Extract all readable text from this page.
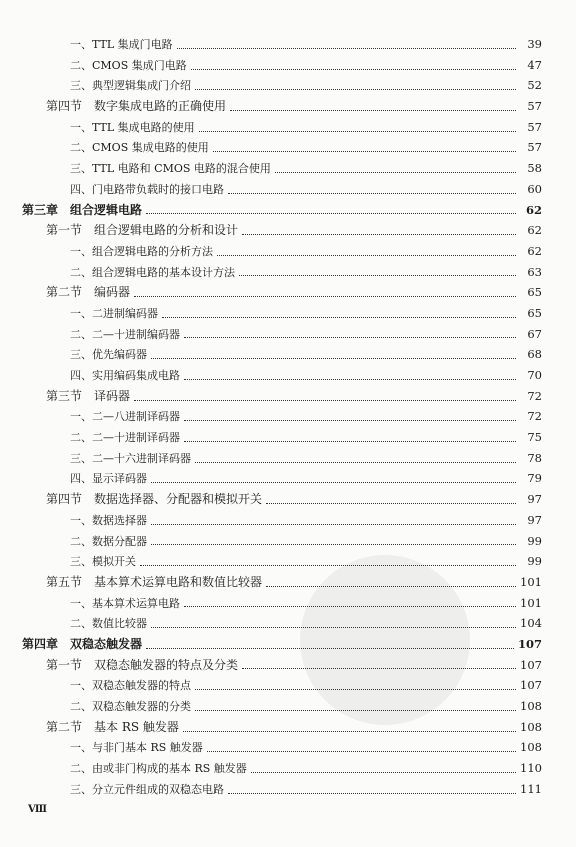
一、TTL 集成门电路	39
二、CMOS 集成门电路	47
三、典型逻辑集成门介绍	52
第四节　数字集成电路的正确使用	57
一、TTL 集成电路的使用	57
二、CMOS 集成电路的使用	57
三、TTL 电路和 CMOS 电路的混合使用	58
四、门电路带负载时的接口电路	60
第三章　组合逻辑电路	62
第一节　组合逻辑电路的分析和设计	62
一、组合逻辑电路的分析方法	62
二、组合逻辑电路的基本设计方法	63
第二节　编码器	65
一、二进制编码器	65
二、二—十进制编码器	67
三、优先编码器	68
四、实用编码集成电路	70
第三节　译码器	72
一、二—八进制译码器	72
二、二—十进制译码器	75
三、二—十六进制译码器	78
四、显示译码器	79
第四节　数据选择器、分配器和模拟开关	97
一、数据选择器	97
二、数据分配器	99
三、模拟开关	99
第五节　基本算术运算电路和数值比较器	101
一、基本算术运算电路	101
二、数值比较器	104
第四章　双稳态触发器	107
第一节　双稳态触发器的特点及分类	107
一、双稳态触发器的特点	107
二、双稳态触发器的分类	108
第二节　基本 RS 触发器	108
一、与非门基本 RS 触发器	108
二、由或非门构成的基本 RS 触发器	110
三、分立元件组成的双稳态电路	111
Ⅷ
